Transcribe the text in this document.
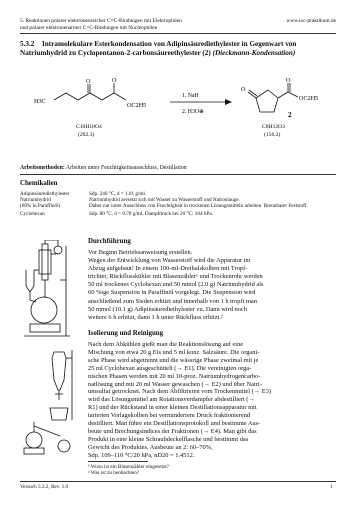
5. Reaktionen polarer elektronenreicher C=C-Bindungen mit Elektrophilen
und polarer elektronenarmer C=C-Bindungen mit Nucleophilen
www.ioc-praktikum.de
5.3.2 Intramolekulare Esterkondensation von Adipinsäurediethylester in Gegenwart von Natriumhydrid zu Cyclopentanon-2-carbonsäureethylester (2) (Dieckmann-Kondensation)
H3C
O
OC2H5
O
C10H18O4
(202.3)
1. NaH
2. H3O⊕
O
O
OC2H5
2
C8H12O3
(156.2)
Arbeitsmethoden: Arbeiten unter Feuchtigkeitsausschluss, Destillation
Chemikalien
Adipinsäurediethylester	Sdp. 240 °C, d = 1.01 g/ml.
Natriumhydrid	Natriumhydrid zersetzt sich mit Wasser zu Wasserstoff und Natronlauge.
(60% in Paraffinöl)	Daher nur unter Ausschluss von Feuchtigkeit in trockenen Lösungsmitteln arbeiten. Brennbarer Feststoff.
Cyclohexan	Sdp. 80 °C, d = 0.78 g/ml, Dampfdruck bei 20 °C: 104 hPa.
Durchführung
Vor Beginn Betriebsanweisung erstellen.
Wegen der Entwicklung von Wasserstoff wird die Apparatur im
Abzug aufgebaut! In einem 100-ml-Dreihalskolben mit Tropf-
trichter, Rückflusskühler mit Blasenzähler¹ und Trockenrohr werden
50 ml trockenes Cyclohexan und 50 mmol (2.0 g) Natriumhydrid als
60 %ige Suspension in Paraffinöl vorgelegt. Die Suspension wird
anschließend zum Sieden erhitzt und innerhalb von 1 h tropft man
50 mmol (10.1 g) Adipinsäurediethylester zu. Dann wird noch
weitere 6 h erhitzt, dann 1 h unter Rückfluss erhitzt.²
Isolierung und Reinigung
Nach dem Abkühlen gießt man die Reaktionslösung auf eine
Mischung von etwa 20 g Eis und 5 ml konz. Salzsäure. Die organi-
sche Phase wird abgetrennt und die wässrige Phase zweimal mit je
25 ml Cyclohexan ausgeschüttelt (→ E1). Die vereinigten orga-
nischen Phasen werden mit 20 ml 10-proz. Natriumhydrogencarbo-
natlösung und mit 20 ml Wasser gewaschen (→ E2) und über Natri-
umsulfat getrocknet. Nach dem Abfiltrieren vom Trockenmittel (→ E3)
wird das Lösungsmittel am Rotationsverdampfer abdestilliert (→
R1) und der Rückstand in einer kleinen Destillationsapparatur mit
tarierten Vorlagekolben bei vermindertem Druck fraktionierend
destilliert. Man führe ein Destillationsprotokoll und bestimme Aus-
beute und Brechungsindices der Fraktionen (→ E4). Man gibt das
Produkt in eine kleine Schraubdeckelflasche und bestimmt das
Gewicht des Produktes. Ausbeute an 2: 60–70%,
Sdp. 109–110 °C/20 hPa, nD20 = 1.4512.
¹ Wozu ist ein Blasenzähler eingesetzt?
² Was ist zu beobachten?
Versuch 5.3.2, Rev. 1.0	1
